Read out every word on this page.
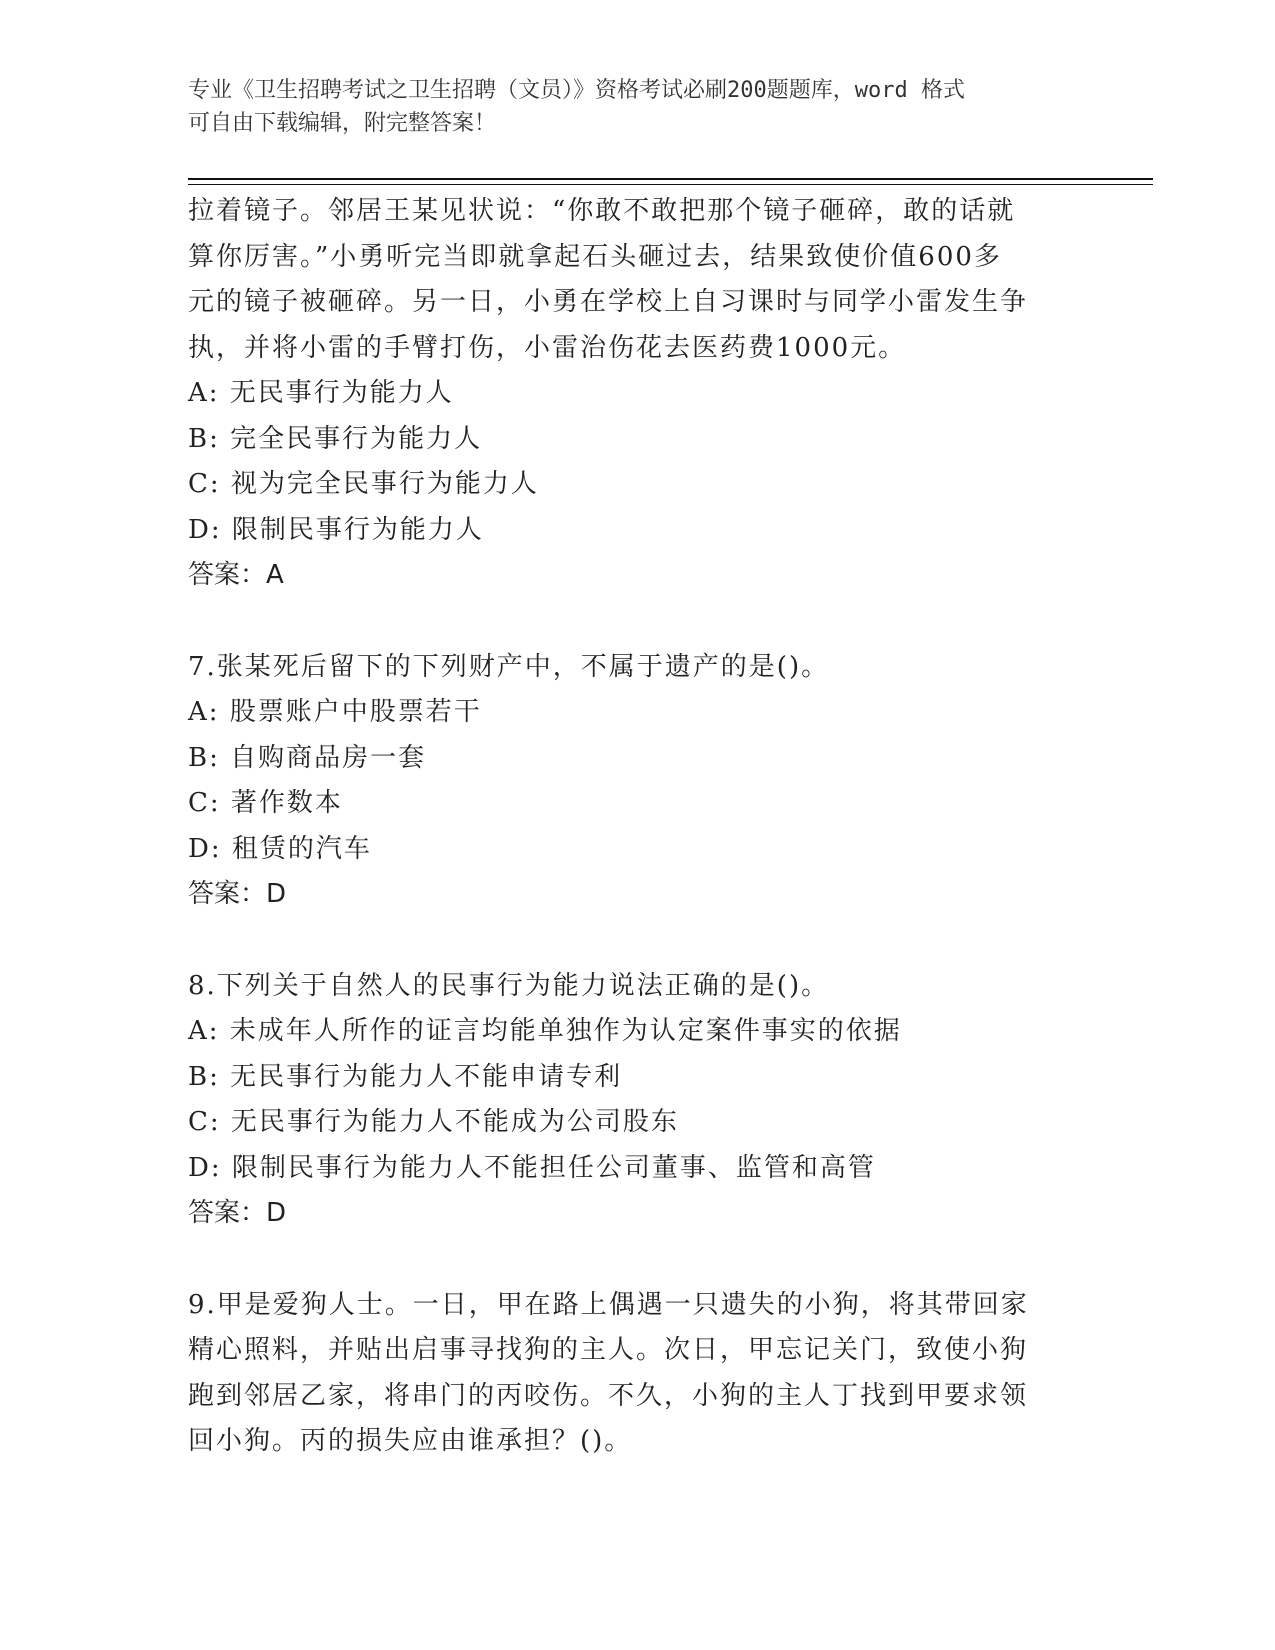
专业《卫生招聘考试之卫生招聘（文员）》资格考试必刷200题题库，word 格式
可自由下载编辑，附完整答案！

拉着镜子。邻居王某见状说：“你敢不敢把那个镜子砸碎，敢的话就

算你厉害。”小勇听完当即就拿起石头砸过去，结果致使价值600多

元的镜子被砸碎。另一日，小勇在学校上自习课时与同学小雷发生争

执，并将小雷的手臂打伤，小雷治伤花去医药费1000元。

A: 无民事行为能力人

B: 完全民事行为能力人

C: 视为完全民事行为能力人

D: 限制民事行为能力人

答案：A

7.张某死后留下的下列财产中，不属于遗产的是()。

A: 股票账户中股票若干

B: 自购商品房一套

C: 著作数本

D: 租赁的汽车

答案：D

8.下列关于自然人的民事行为能力说法正确的是()。

A: 未成年人所作的证言均能单独作为认定案件事实的依据

B: 无民事行为能力人不能申请专利

C: 无民事行为能力人不能成为公司股东

D: 限制民事行为能力人不能担任公司董事、监管和高管

答案：D

9.甲是爱狗人士。一日，甲在路上偶遇一只遗失的小狗，将其带回家

精心照料，并贴出启事寻找狗的主人。次日，甲忘记关门，致使小狗

跑到邻居乙家，将串门的丙咬伤。不久，小狗的主人丁找到甲要求领

回小狗。丙的损失应由谁承担？()。
